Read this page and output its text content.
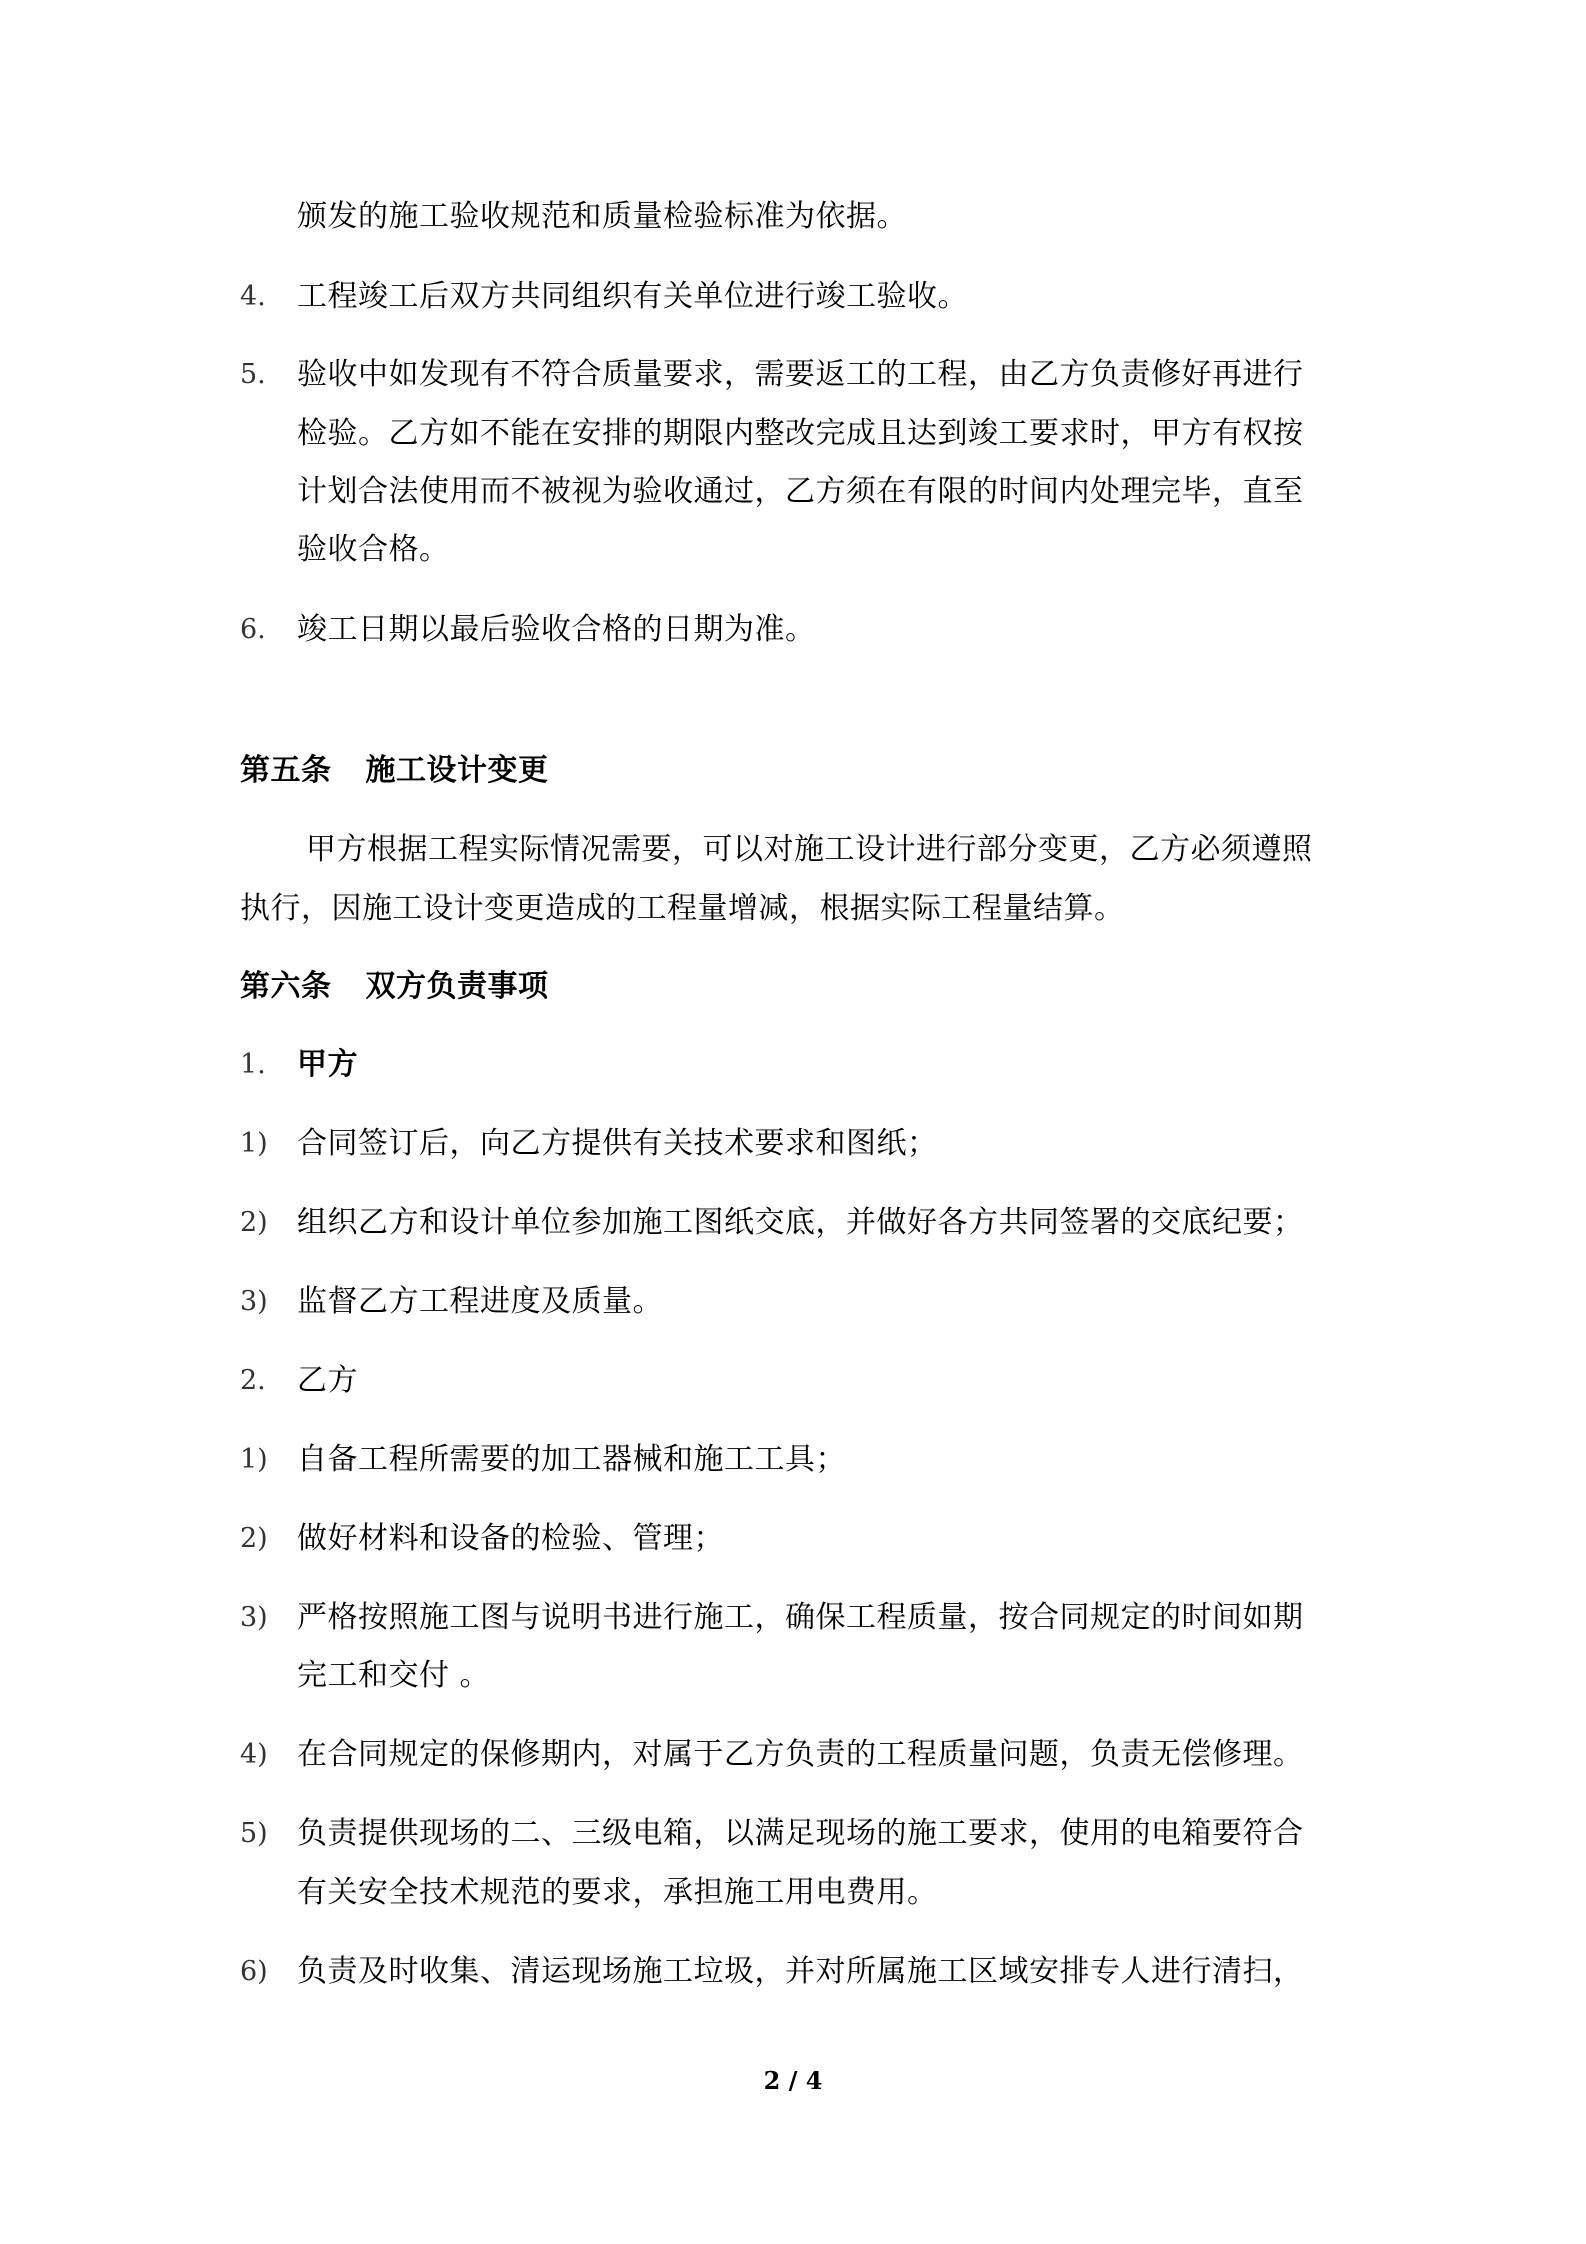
颁发的施工验收规范和质量检验标准为依据。
4. 工程竣工后双方共同组织有关单位进行竣工验收。
5. 验收中如发现有不符合质量要求，需要返工的工程，由乙方负责修好再进行
检验。乙方如不能在安排的期限内整改完成且达到竣工要求时，甲方有权按
计划合法使用而不被视为验收通过，乙方须在有限的时间内处理完毕，直至
验收合格。
6. 竣工日期以最后验收合格的日期为准。
第五条 施工设计变更
甲方根据工程实际情况需要，可以对施工设计进行部分变更，乙方必须遵照
执行，因施工设计变更造成的工程量增减，根据实际工程量结算。
第六条 双方负责事项
1. 甲方
1) 合同签订后，向乙方提供有关技术要求和图纸；
2) 组织乙方和设计单位参加施工图纸交底，并做好各方共同签署的交底纪要；
3) 监督乙方工程进度及质量。
2. 乙方
1) 自备工程所需要的加工器械和施工工具；
2) 做好材料和设备的检验、管理；
3) 严格按照施工图与说明书进行施工，确保工程质量，按合同规定的时间如期
完工和交付 。
4) 在合同规定的保修期内，对属于乙方负责的工程质量问题，负责无偿修理。
5) 负责提供现场的二、三级电箱，以满足现场的施工要求，使用的电箱要符合
有关安全技术规范的要求，承担施工用电费用。
6) 负责及时收集、清运现场施工垃圾，并对所属施工区域安排专人进行清扫，
2 / 4
